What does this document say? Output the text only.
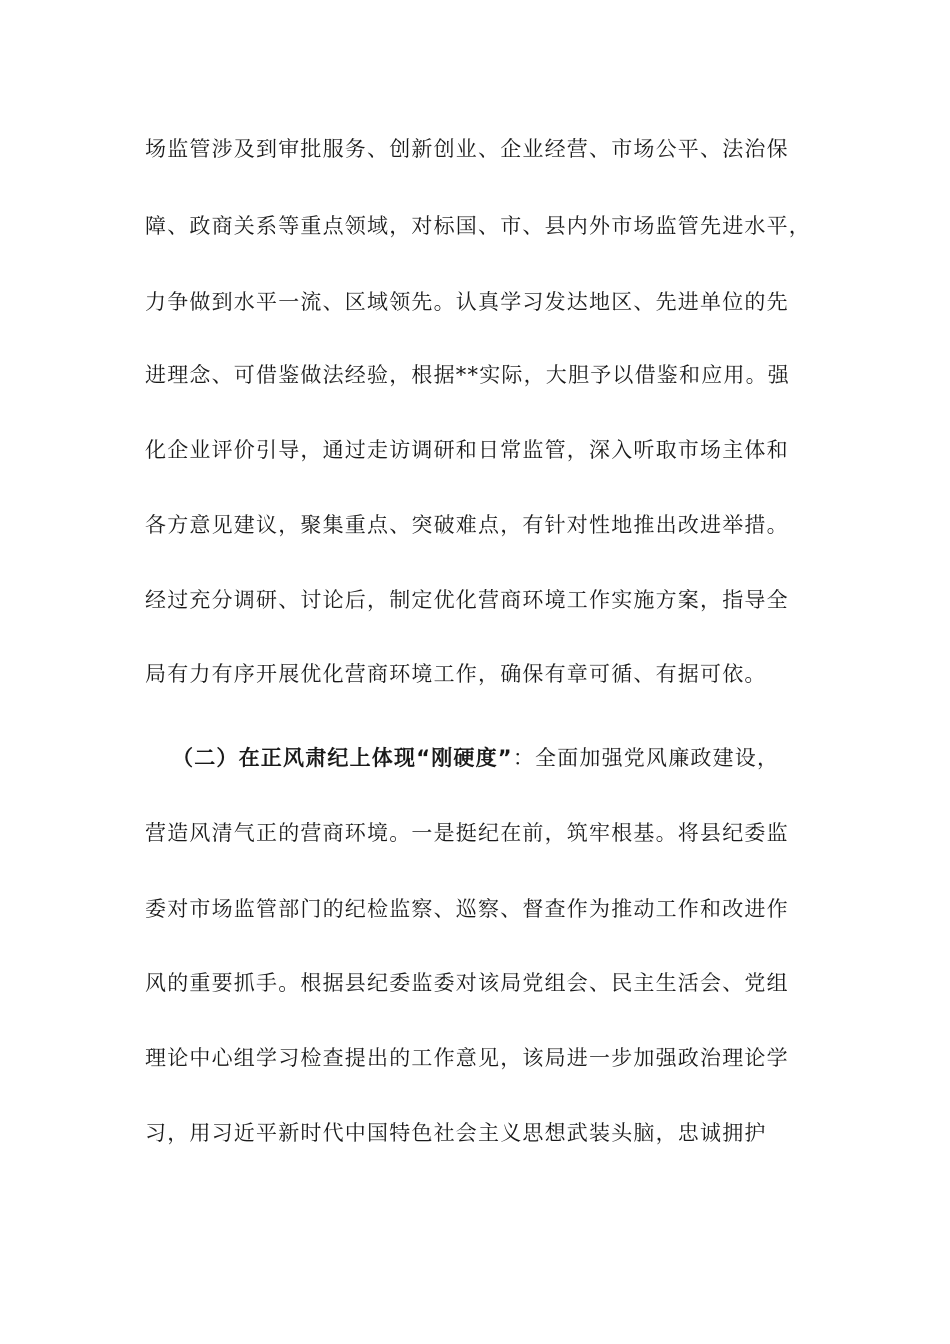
场监管涉及到审批服务、创新创业、企业经营、市场公平、法治保
障、政商关系等重点领域，对标国、市、县内外市场监管先进水平，
力争做到水平一流、区域领先。认真学习发达地区、先进单位的先
进理念、可借鉴做法经验，根据**实际，大胆予以借鉴和应用。强
化企业评价引导，通过走访调研和日常监管，深入听取市场主体和
各方意见建议，聚集重点、突破难点，有针对性地推出改进举措。
经过充分调研、讨论后，制定优化营商环境工作实施方案，指导全
局有力有序开展优化营商环境工作，确保有章可循、有据可依。
（二）在正风肃纪上体现“刚硬度”：全面加强党风廉政建设，
营造风清气正的营商环境。一是挺纪在前，筑牢根基。将县纪委监
委对市场监管部门的纪检监察、巡察、督查作为推动工作和改进作
风的重要抓手。根据县纪委监委对该局党组会、民主生活会、党组
理论中心组学习检查提出的工作意见，该局进一步加强政治理论学
习，用习近平新时代中国特色社会主义思想武装头脑，忠诚拥护
